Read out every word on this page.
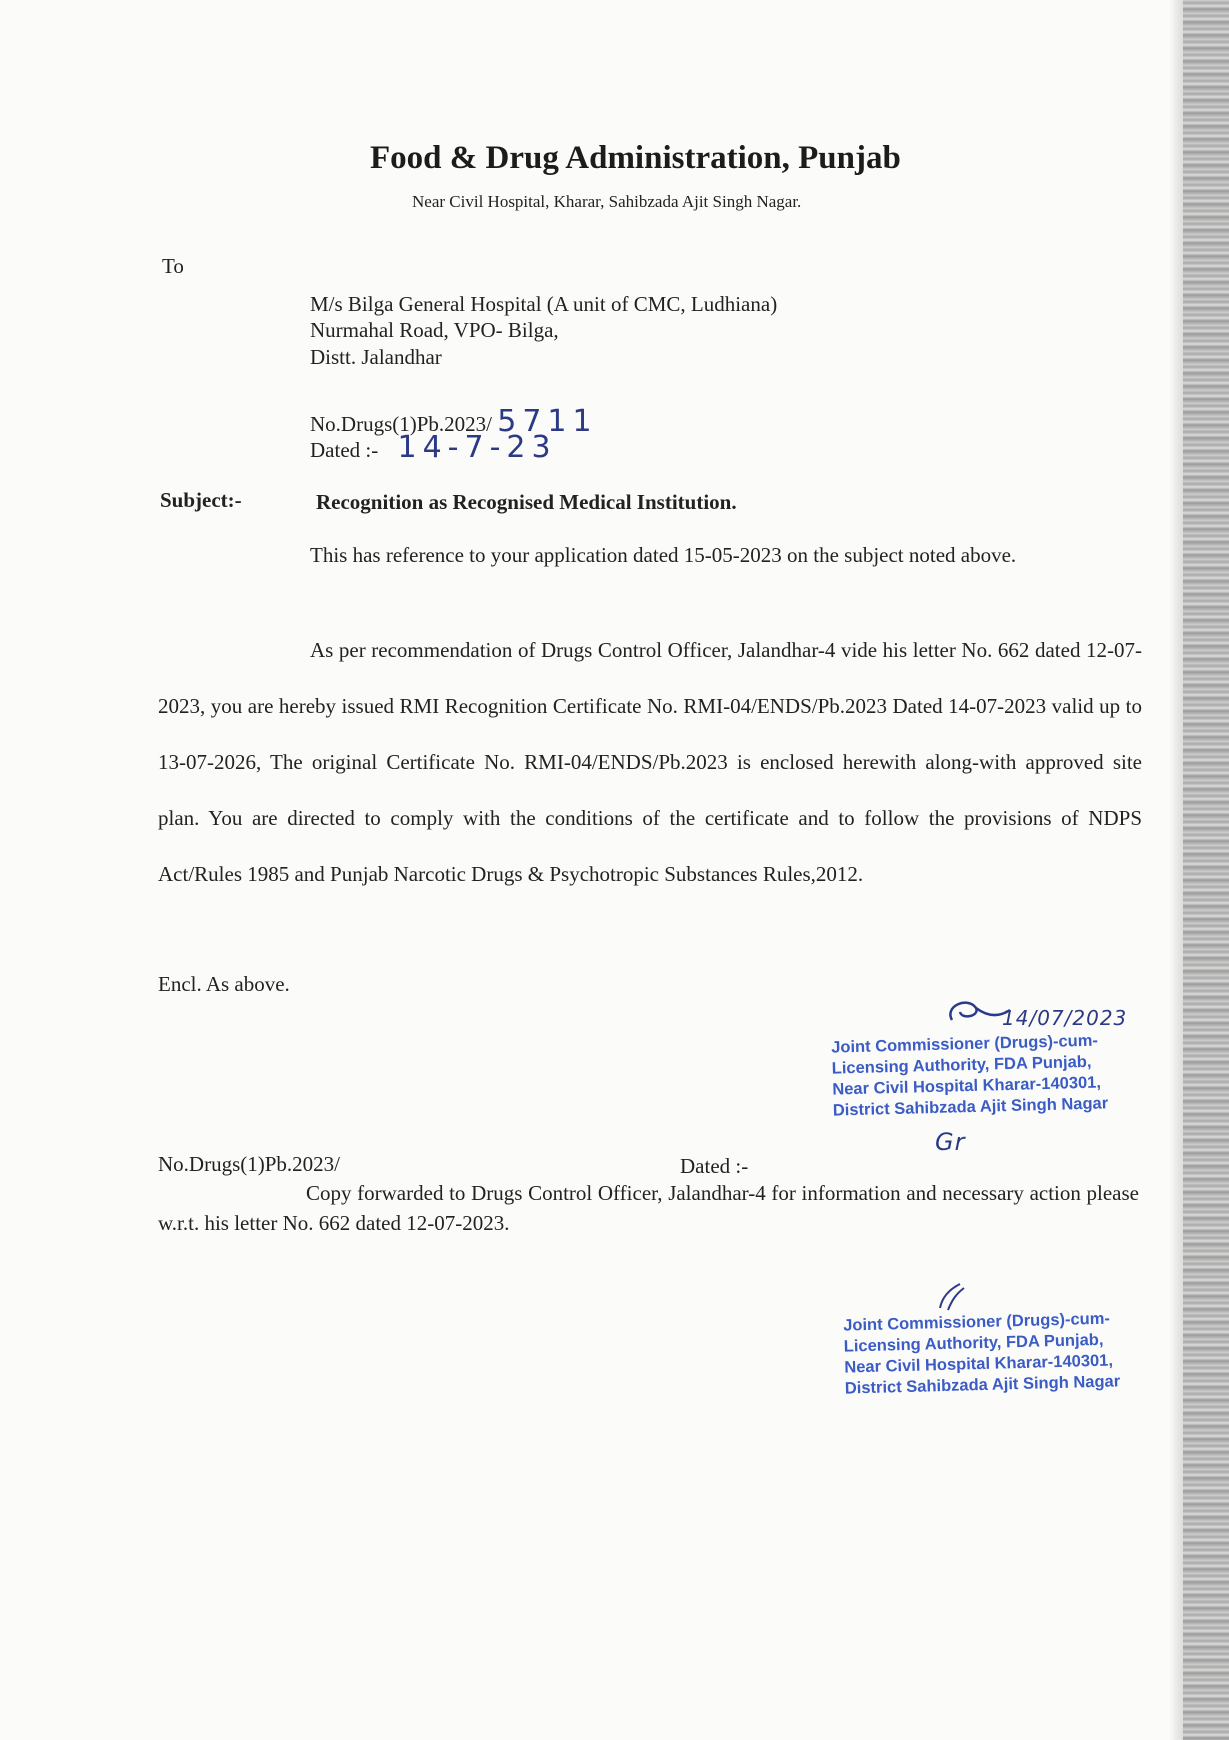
Food & Drug Administration, Punjab
Near Civil Hospital, Kharar, Sahibzada Ajit Singh Nagar.
To
M/s Bilga General Hospital (A unit of CMC, Ludhiana)
Nurmahal Road, VPO- Bilga,
Distt. Jalandhar
No.Drugs(1)Pb.2023/ 5711
Dated :- 14-7-23
Subject:-	Recognition as Recognised Medical Institution.
This has reference to your application dated 15-05-2023 on the subject noted above.
As per recommendation of Drugs Control Officer, Jalandhar-4 vide his letter No. 662 dated 12-07-2023, you are hereby issued RMI Recognition Certificate No. RMI-04/ENDS/Pb.2023 Dated 14-07-2023 valid up to 13-07-2026, The original Certificate No. RMI-04/ENDS/Pb.2023 is enclosed herewith along-with approved site plan. You are directed to comply with the conditions of the certificate and to follow the provisions of NDPS Act/Rules 1985 and Punjab Narcotic Drugs & Psychotropic Substances Rules,2012.
Encl. As above.
14/07/2023
Joint Commissioner (Drugs)-cum-
Licensing Authority, FDA Punjab,
Near Civil Hospital Kharar-140301,
District Sahibzada Ajit Singh Nagar
Gr
No.Drugs(1)Pb.2023/	Dated :-
Copy forwarded to Drugs Control Officer, Jalandhar-4 for information and necessary action please w.r.t. his letter No. 662 dated 12-07-2023.
Joint Commissioner (Drugs)-cum-
Licensing Authority, FDA Punjab,
Near Civil Hospital Kharar-140301,
District Sahibzada Ajit Singh Nagar
